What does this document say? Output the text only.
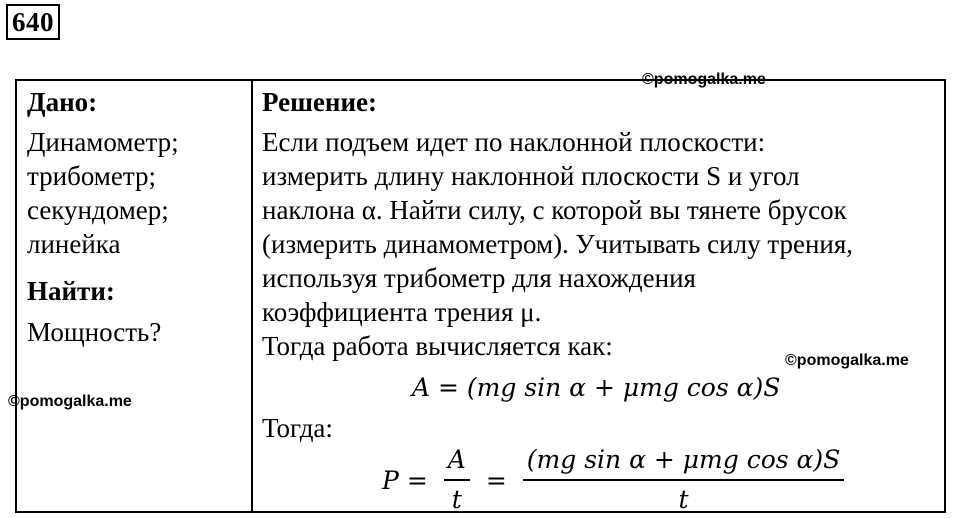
640
©pomogalka.me
Дано:
Динамометр;
трибометр;
секундомер;
линейка
Найти:
Мощность?
Решение:
Если подъем идет по наклонной плоскости:
измерить длину наклонной плоскости S и угол
наклона α. Найти силу, с которой вы тянете брусок
(измерить динамометром). Учитывать силу трения,
используя трибометр для нахождения
коэффициента трения μ.
Тогда работа вычисляется как:
A = (mg sin α + μmg cos α)S
Тогда:
$P = \frac{A}{t} = \frac{\text{(mg sin α + μmg cos α)S}}{t}$
©pomogalka.me
©pomogalka.me
